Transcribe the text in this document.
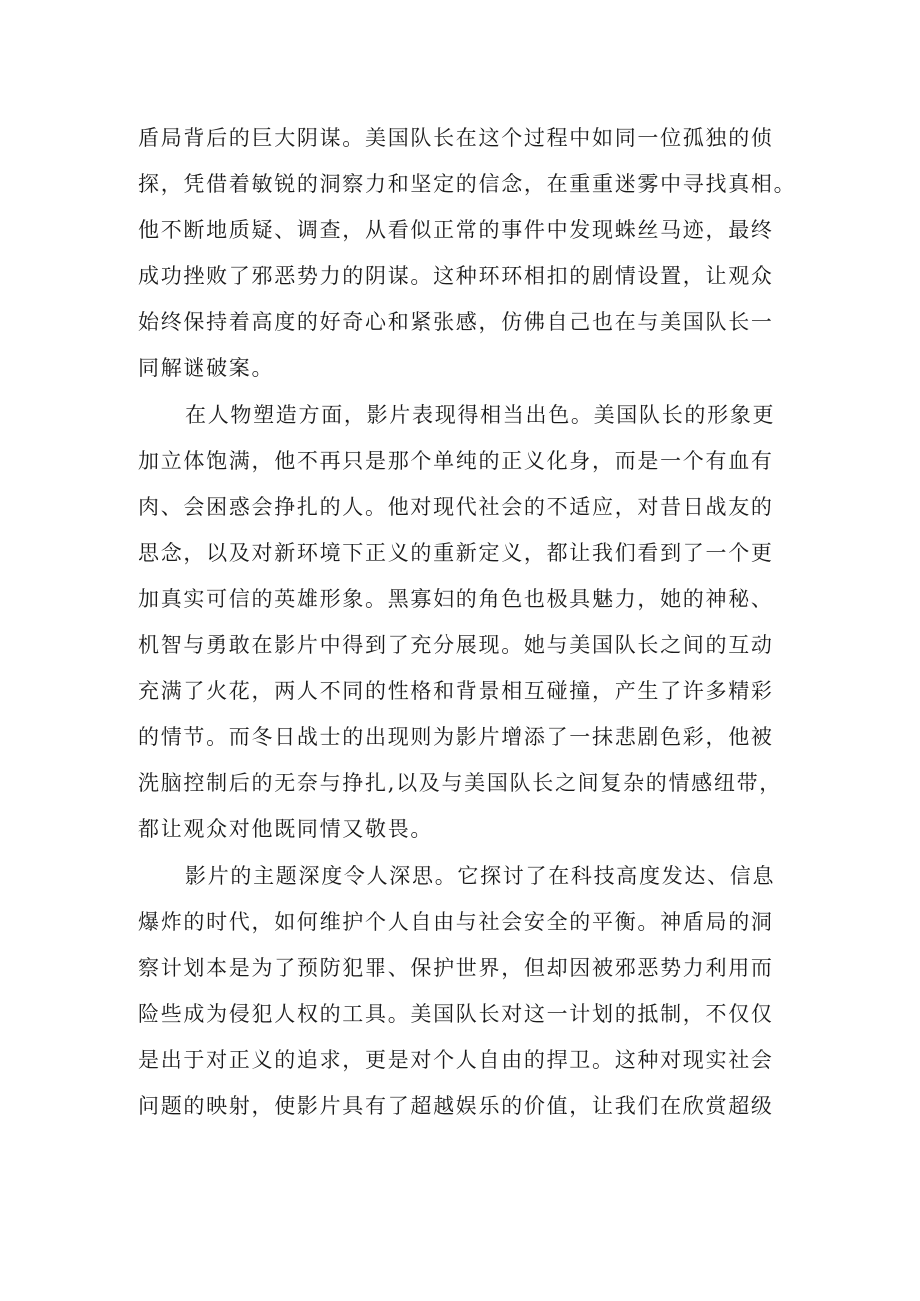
盾局背后的巨大阴谋。美国队长在这个过程中如同一位孤独的侦
探，凭借着敏锐的洞察力和坚定的信念，在重重迷雾中寻找真相。
他不断地质疑、调查，从看似正常的事件中发现蛛丝马迹，最终
成功挫败了邪恶势力的阴谋。这种环环相扣的剧情设置，让观众
始终保持着高度的好奇心和紧张感，仿佛自己也在与美国队长一
同解谜破案。
在人物塑造方面，影片表现得相当出色。美国队长的形象更
加立体饱满，他不再只是那个单纯的正义化身，而是一个有血有
肉、会困惑会挣扎的人。他对现代社会的不适应，对昔日战友的
思念，以及对新环境下正义的重新定义，都让我们看到了一个更
加真实可信的英雄形象。黑寡妇的角色也极具魅力，她的神秘、
机智与勇敢在影片中得到了充分展现。她与美国队长之间的互动
充满了火花，两人不同的性格和背景相互碰撞，产生了许多精彩
的情节。而冬日战士的出现则为影片增添了一抹悲剧色彩，他被
洗脑控制后的无奈与挣扎,以及与美国队长之间复杂的情感纽带，
都让观众对他既同情又敬畏。
影片的主题深度令人深思。它探讨了在科技高度发达、信息
爆炸的时代，如何维护个人自由与社会安全的平衡。神盾局的洞
察计划本是为了预防犯罪、保护世界，但却因被邪恶势力利用而
险些成为侵犯人权的工具。美国队长对这一计划的抵制，不仅仅
是出于对正义的追求，更是对个人自由的捍卫。这种对现实社会
问题的映射，使影片具有了超越娱乐的价值，让我们在欣赏超级
